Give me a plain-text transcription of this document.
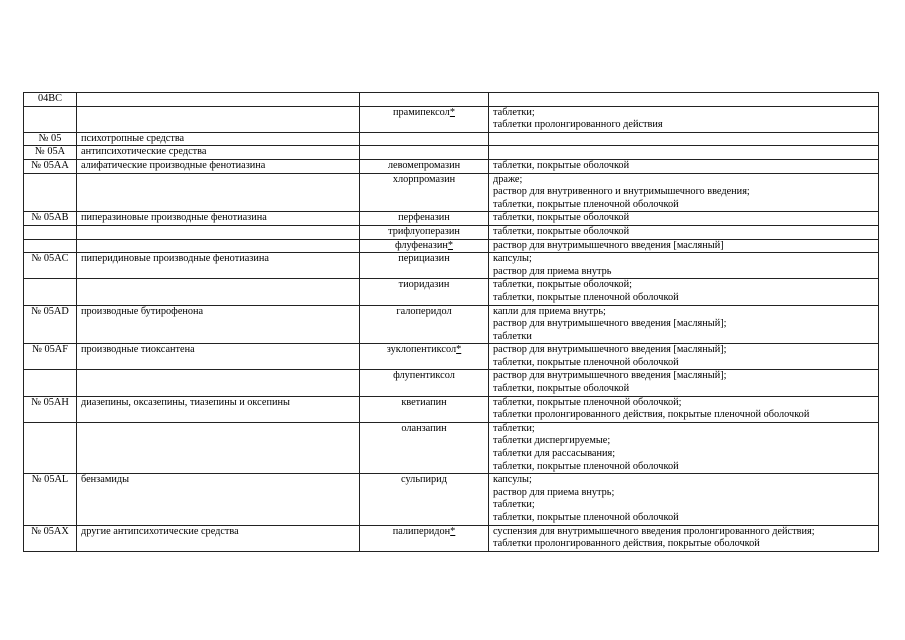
04BC			
		прамипексол*	таблетки;
таблетки пролонгированного действия

№ 05	психотропные средства		
№ 05A	антипсихотические средства		
№ 05AA	алифатические производные фенотиазина	левомепромазин	таблетки, покрытые оболочкой

		хлорпромазин	драже;
раствор для внутривенного и внутримышечного введения;
таблетки, покрытые пленочной оболочкой

№ 05AB	пиперазиновые производные фенотиазина	перфеназин	таблетки, покрытые оболочкой

		трифлуоперазин	таблетки, покрытые оболочкой

		флуфеназин*	раствор для внутримышечного введения [масляный]

№ 05AC	пиперидиновые производные фенотиазина	перициазин	капсулы;
раствор для приема внутрь

		тиоридазин	таблетки, покрытые оболочкой;
таблетки, покрытые пленочной оболочкой

№ 05AD	производные бутирофенона	галоперидол	капли для приема внутрь;
раствор для внутримышечного введения [масляный];
таблетки

№ 05AF	производные тиоксантена	зуклопентиксол*	раствор для внутримышечного введения [масляный];
таблетки, покрытые пленочной оболочкой

		флупентиксол	раствор для внутримышечного введения [масляный];
таблетки, покрытые оболочкой

№ 05AH	диазепины, оксазепины, тиазепины и оксепины	кветиапин	таблетки, покрытые пленочной оболочкой;
таблетки пролонгированного действия, покрытые пленочной оболочкой

		оланзапин	таблетки;
таблетки диспергируемые;
таблетки для рассасывания;
таблетки, покрытые пленочной оболочкой

№ 05AL	бензамиды	сульпирид	капсулы;
раствор для приема внутрь;
таблетки;
таблетки, покрытые пленочной оболочкой

№ 05AX	другие антипсихотические средства	палиперидон*	суспензия для внутримышечного введения пролонгированного действия;
таблетки пролонгированного действия, покрытые оболочкой
